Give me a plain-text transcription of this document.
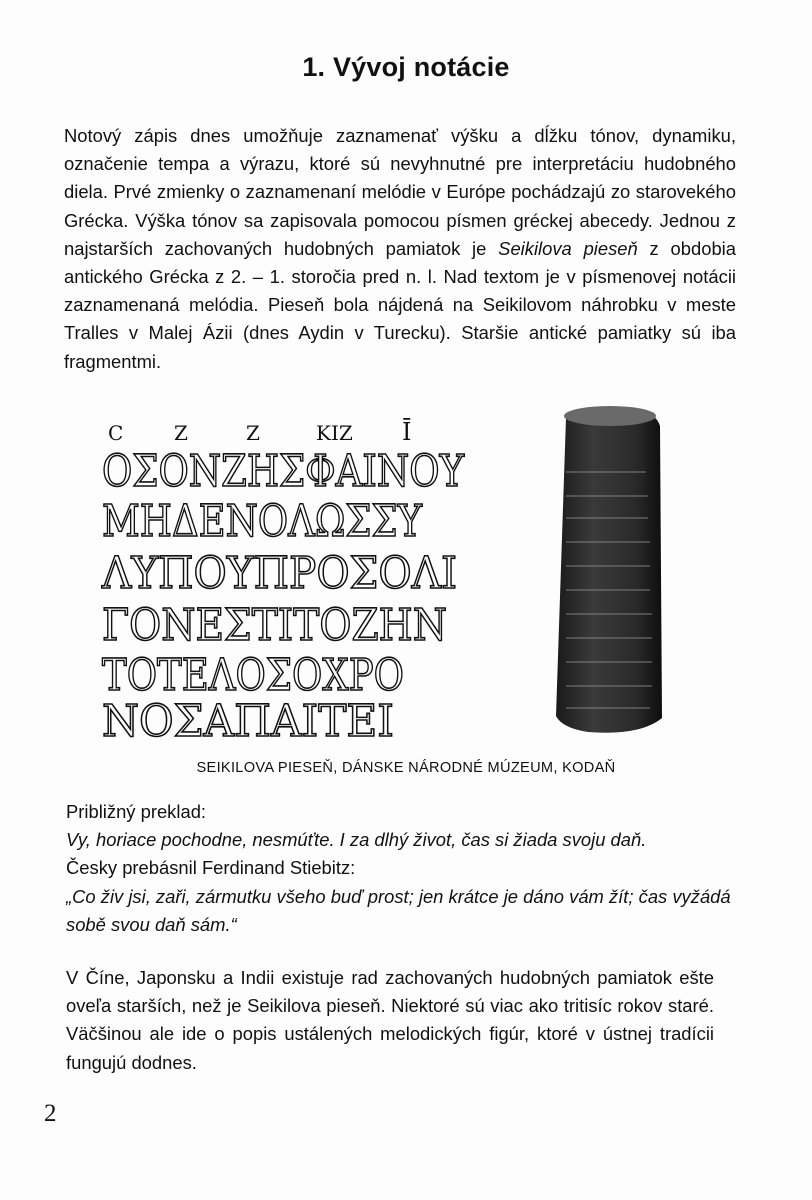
1. Vývoj notácie

Notový zápis dnes umožňuje zaznamenať výšku a dĺžku tónov, dynamiku, označenie tempa a výrazu, ktoré sú nevyhnutné pre interpretáciu hudobného diela. Prvé zmienky o zaznamenaní melódie v Európe pochádzajú zo starovekého Grécka. Výška tónov sa zapisovala pomocou písmen gréckej abecedy. Jednou z najstarších zachovaných hudobných pamiatok je Seikilova pieseň z obdobia antického Grécka z 2. – 1. storočia pred n. l. Nad textom je v písmenovej notácii zaznamenaná melódia. Pieseň bola nájdená na Seikilovom náhrobku v meste Tralles v Malej Ázii (dnes Aydin v Turecku). Staršie antické pamiatky sú iba fragmentmi.

C	Z	Z	KIZ Ī
ΟΣΟΝΖΗΣΦΑΙΝΟΥ
ΜΗΔΕΝΟΛΩΣΣΥ
ΛΥΠΟΥΠΡΟΣΟΛΙ
ΓΟΝΕΣΤΙΤΟΖΗΝ
ΤΟΤΕΛΟΣΟΧΡΟ
ΝΟΣΑΠΑΙΤΕΙ

SEIKILOVA PIESEŇ, DÁNSKE NÁRODNÉ MÚZEUM, KODAŇ

Približný preklad:

Vy, horiace pochodne, nesmúťte. I za dlhý život, čas si žiada svoju daň.

Česky prebásnil Ferdinand Stiebitz:

„Co živ jsi, zaři, zármutku všeho buď prost; jen krátce je dáno vám žít; čas vyžádá sobě svou daň sám.“

V Číne, Japonsku a Indii existuje rad zachovaných hudobných pamiatok ešte oveľa starších, než je Seikilova pieseň. Niektoré sú viac ako tritisíc rokov staré. Väčšinou ale ide o popis ustálených melodických figúr, ktoré v ústnej tradícii fungujú dodnes.

2
